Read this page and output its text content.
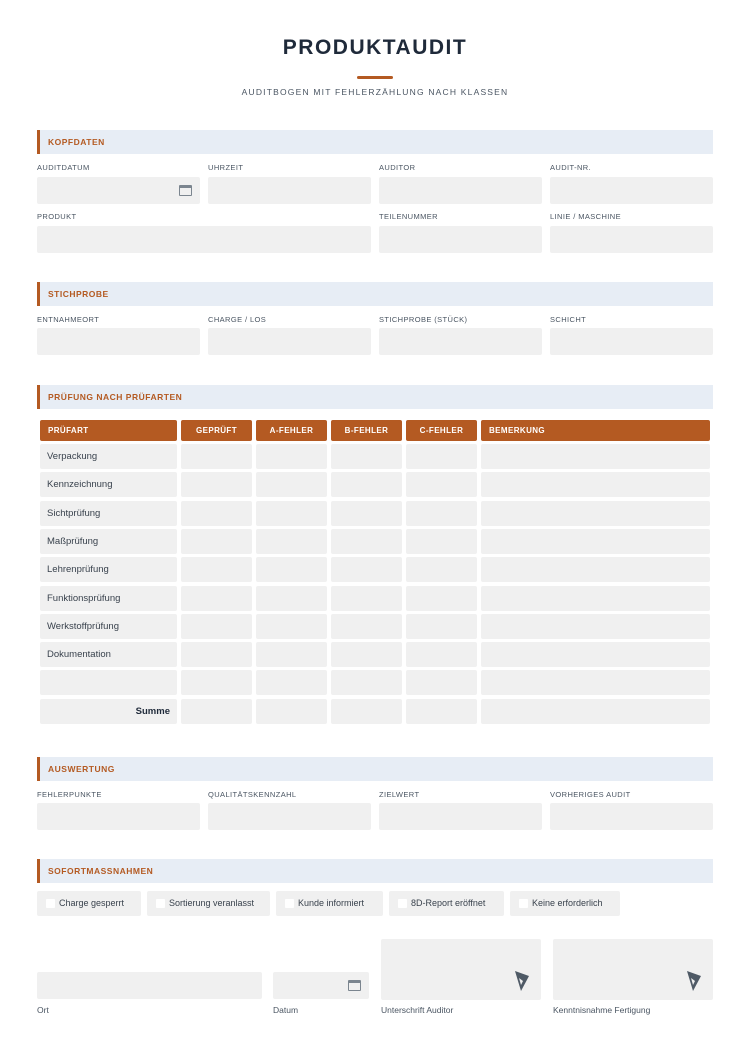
PRODUKTAUDIT
AUDITBOGEN MIT FEHLERZÄHLUNG NACH KLASSEN
KOPFDATEN
AUDITDATUM	UHRZEIT	AUDITOR	AUDIT-NR.
PRODUKT	TEILENUMMER	LINIE / MASCHINE
STICHPROBE
ENTNAHMEORT	CHARGE / LOS	STICHPROBE (STÜCK)	SCHICHT
PRÜFUNG NACH PRÜFARTEN
PRÜFART	GEPRÜFT	A-FEHLER	B-FEHLER	C-FEHLER	BEMERKUNG
Verpackung
Kennzeichnung
Sichtprüfung
Maßprüfung
Lehrenprüfung
Funktionsprüfung
Werkstoffprüfung
Dokumentation
Summe
AUSWERTUNG
FEHLERPUNKTE	QUALITÄTSKENNZAHL	ZIELWERT	VORHERIGES AUDIT
SOFORTMASSNAHMEN
Charge gesperrt	Sortierung veranlasst	Kunde informiert	8D-Report eröffnet	Keine erforderlich
Ort	Datum	Unterschrift Auditor	Kenntnisnahme Fertigung
